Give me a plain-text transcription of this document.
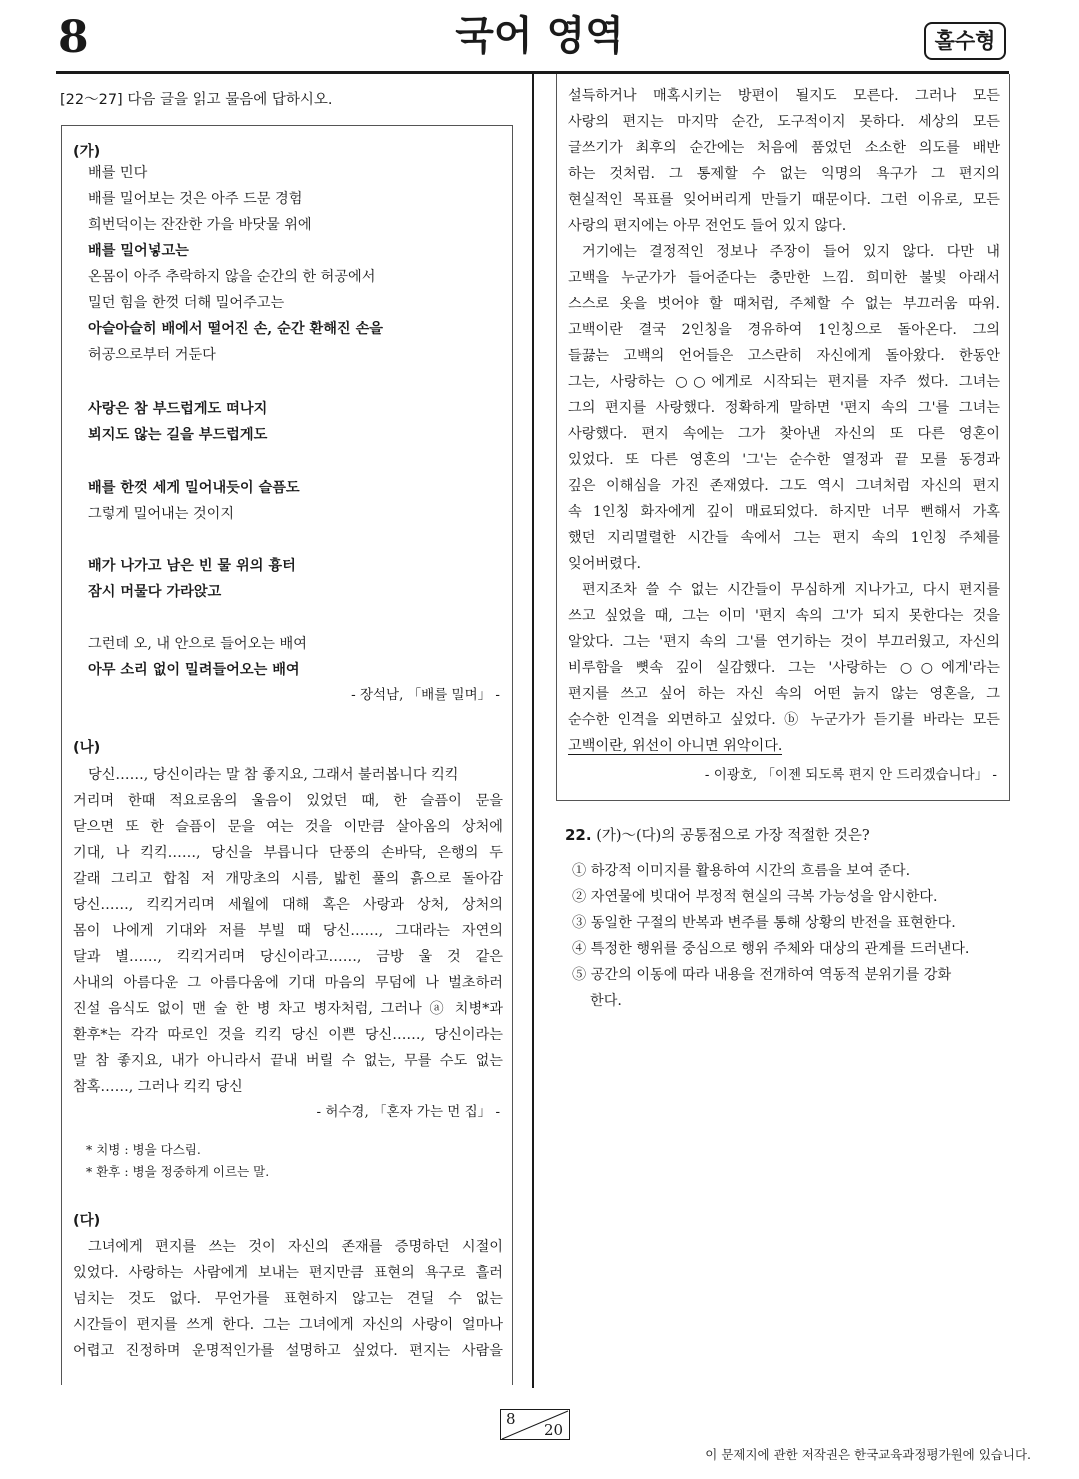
8	국어 영역	홀수형
[22～27] 다음 글을 읽고 물음에 답하시오.
(가)
배를 민다
배를 밀어보는 것은 아주 드문 경험
희번덕이는 잔잔한 가을 바닷물 위에
배를 밀어넣고는
온몸이 아주 추락하지 않을 순간의 한 허공에서
밀던 힘을 한껏 더해 밀어주고는
아슬아슬히 배에서 떨어진 손, 순간 환해진 손을
허공으로부터 거둔다
사랑은 참 부드럽게도 떠나지
뵈지도 않는 길을 부드럽게도
배를 한껏 세게 밀어내듯이 슬픔도
그렇게 밀어내는 것이지
배가 나가고 남은 빈 물 위의 흉터
잠시 머물다 가라앉고
그런데 오, 내 안으로 들어오는 배여
아무 소리 없이 밀려들어오는 배여
- 장석남, 「배를 밀며」 -
(나)
당신……, 당신이라는 말 참 좋지요, 그래서 불러봅니다 킥킥
거리며 한때 적요로움의 울음이 있었던 때, 한 슬픔이 문을
닫으면 또 한 슬픔이 문을 여는 것을 이만큼 살아옴의 상처에
기대, 나 킥킥……, 당신을 부릅니다 단풍의 손바닥, 은행의 두
갈래 그리고 합침 저 개망초의 시름, 밟힌 풀의 흙으로 돌아감
당신……, 킥킥거리며 세월에 대해 혹은 사랑과 상처, 상처의
몸이 나에게 기대와 저를 부빌 때 당신……, 그대라는 자연의
달과 별……, 킥킥거리며 당신이라고……, 금방 울 것 같은
사내의 아름다운 그 아름다움에 기대 마음의 무덤에 나 벌초하러
진설 음식도 없이 맨 술 한 병 차고 병자처럼, 그러나 ⓐ 치병*과
환후*는 각각 따로인 것을 킥킥 당신 이쁜 당신……, 당신이라는
말 참 좋지요, 내가 아니라서 끝내 버릴 수 없는, 무를 수도 없는
참혹……, 그러나 킥킥 당신
- 허수경, 「혼자 가는 먼 집」 -
* 치병 : 병을 다스림.
* 환후 : 병을 정중하게 이르는 말.
(다)
그녀에게 편지를 쓰는 것이 자신의 존재를 증명하던 시절이
있었다. 사랑하는 사람에게 보내는 편지만큼 표현의 욕구로 흘러
넘치는 것도 없다. 무언가를 표현하지 않고는 견딜 수 없는
시간들이 편지를 쓰게 한다. 그는 그녀에게 자신의 사랑이 얼마나
어렵고 진정하며 운명적인가를 설명하고 싶었다. 편지는 사람을
설득하거나 매혹시키는 방편이 될지도 모른다. 그러나 모든
사랑의 편지는 마지막 순간, 도구적이지 못하다. 세상의 모든
글쓰기가 최후의 순간에는 처음에 품었던 소소한 의도를 배반
하는 것처럼. 그 통제할 수 없는 익명의 욕구가 그 편지의
현실적인 목표를 잊어버리게 만들기 때문이다. 그런 이유로, 모든
사랑의 편지에는 아무 전언도 들어 있지 않다.
거기에는 결정적인 정보나 주장이 들어 있지 않다. 다만 내
고백을 누군가가 들어준다는 충만한 느낌. 희미한 불빛 아래서
스스로 옷을 벗어야 할 때처럼, 주체할 수 없는 부끄러움 따위.
고백이란 결국 2인칭을 경유하여 1인칭으로 돌아온다. 그의
들끓는 고백의 언어들은 고스란히 자신에게 돌아왔다. 한동안
그는, 사랑하는 ○○에게로 시작되는 편지를 자주 썼다. 그녀는
그의 편지를 사랑했다. 정확하게 말하면 '편지 속의 그'를 그녀는
사랑했다. 편지 속에는 그가 찾아낸 자신의 또 다른 영혼이
있었다. 또 다른 영혼의 '그'는 순수한 열정과 끝 모를 동경과
깊은 이해심을 가진 존재였다. 그도 역시 그녀처럼 자신의 편지
속 1인칭 화자에게 깊이 매료되었다. 하지만 너무 뻔해서 가혹
했던 지리멸렬한 시간들 속에서 그는 편지 속의 1인칭 주체를
잊어버렸다.
편지조차 쓸 수 없는 시간들이 무심하게 지나가고, 다시 편지를
쓰고 싶었을 때, 그는 이미 '편지 속의 그'가 되지 못한다는 것을
알았다. 그는 '편지 속의 그'를 연기하는 것이 부끄러웠고, 자신의
비루함을 뼛속 깊이 실감했다. 그는 '사랑하는 ○○에게'라는
편지를 쓰고 싶어 하는 자신 속의 어떤 늙지 않는 영혼을, 그
순수한 인격을 외면하고 싶었다. ⓑ 누군가가 듣기를 바라는 모든
고백이란, 위선이 아니면 위악이다.
- 이광호, 「이젠 되도록 편지 안 드리겠습니다」 -
22. (가)～(다)의 공통점으로 가장 적절한 것은?
① 하강적 이미지를 활용하여 시간의 흐름을 보여 준다.
② 자연물에 빗대어 부정적 현실의 극복 가능성을 암시한다.
③ 동일한 구절의 반복과 변주를 통해 상황의 반전을 표현한다.
④ 특정한 행위를 중심으로 행위 주체와 대상의 관계를 드러낸다.
⑤ 공간의 이동에 따라 내용을 전개하여 역동적 분위기를 강화
한다.
8
20
이 문제지에 관한 저작권은 한국교육과정평가원에 있습니다.
